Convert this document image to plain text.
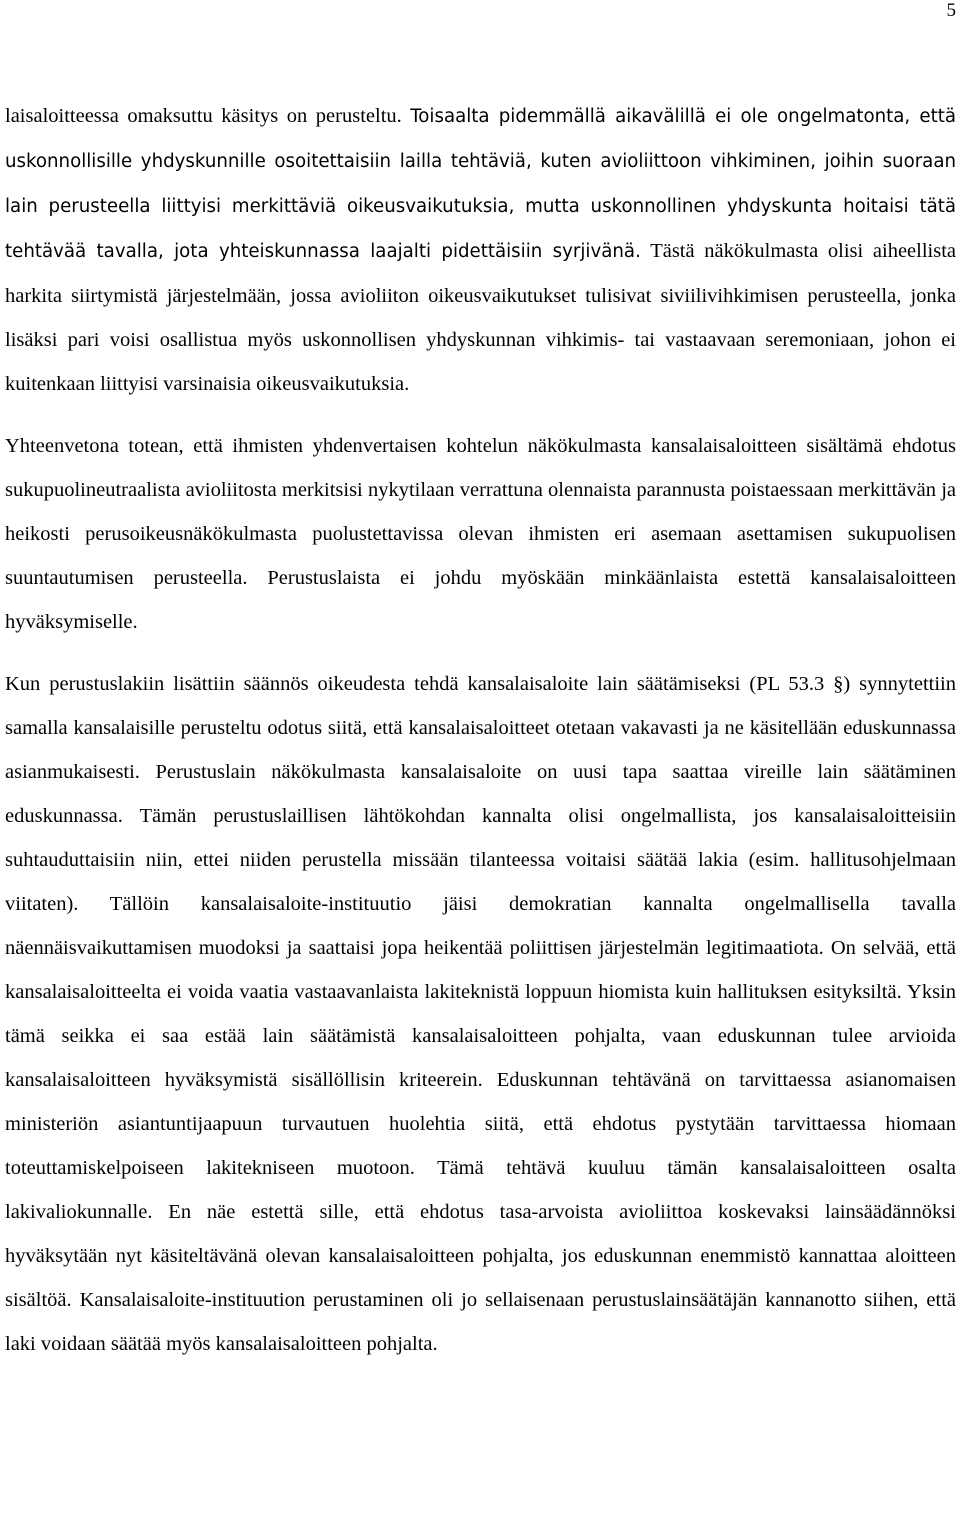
5

laisaloitteessa omaksuttu käsitys on perusteltu. Toisaalta pidemmällä aikavälillä ei ole ongelmatonta, että uskonnollisille yhdyskunnille osoitettaisiin lailla tehtäviä, kuten avioliittoon vihkiminen, joihin suoraan lain perusteella liittyisi merkittäviä oikeusvaikutuksia, mutta uskonnollinen yhdyskunta hoitaisi tätä tehtävää tavalla, jota yhteiskunnassa laajalti pidettäisiin syrjivänä. Tästä näkökulmasta olisi aiheellista harkita siirtymistä järjestelmään, jossa avioliiton oikeusvaikutukset tulisivat siviilivihkimisen perusteella, jonka lisäksi pari voisi osallistua myös uskonnollisen yhdyskunnan vihkimis- tai vastaavaan seremoniaan, johon ei kuitenkaan liittyisi varsinaisia oikeusvaikutuksia.

Yhteenvetona totean, että ihmisten yhdenvertaisen kohtelun näkökulmasta kansalaisaloitteen sisältämä ehdotus sukupuolineutraalista avioliitosta merkitsisi nykytilaan verrattuna olennaista parannusta poistaessaan merkittävän ja heikosti perusoikeusnäkökulmasta puolustettavissa olevan ihmisten eri asemaan asettamisen sukupuolisen suuntautumisen perusteella. Perustuslaista ei johdu myöskään minkäänlaista estettä kansalaisaloitteen hyväksymiselle.

Kun perustuslakiin lisättiin säännös oikeudesta tehdä kansalaisaloite lain säätämiseksi (PL 53.3 §) synnytettiin samalla kansalaisille perusteltu odotus siitä, että kansalaisaloitteet otetaan vakavasti ja ne käsitellään eduskunnassa asianmukaisesti. Perustuslain näkökulmasta kansalaisaloite on uusi tapa saattaa vireille lain säätäminen eduskunnassa. Tämän perustuslaillisen lähtökohdan kannalta olisi ongelmallista, jos kansalaisaloitteisiin suhtauduttaisiin niin, ettei niiden perustella missään tilanteessa voitaisi säätää lakia (esim. hallitusohjelmaan viitaten). Tällöin kansalaisaloite-instituutio jäisi demokratian kannalta ongelmallisella tavalla näennäisvaikuttamisen muodoksi ja saattaisi jopa heikentää poliittisen järjestelmän legitimaatiota. On selvää, että kansalaisaloitteelta ei voida vaatia vastaavanlaista lakiteknistä loppuun hiomista kuin hallituksen esityksiltä. Yksin tämä seikka ei saa estää lain säätämistä kansalaisaloitteen pohjalta, vaan eduskunnan tulee arvioida kansalaisaloitteen hyväksymistä sisällöllisin kriteerein. Eduskunnan tehtävänä on tarvittaessa asianomaisen ministeriön asiantuntijaapuun turvautuen huolehtia siitä, että ehdotus pystytään tarvittaessa hiomaan toteuttamiskelpoiseen lakitekniseen muotoon. Tämä tehtävä kuuluu tämän kansalaisaloitteen osalta lakivaliokunnalle. En näe estettä sille, että ehdotus tasa-arvoista avioliittoa koskevaksi lainsäädännöksi hyväksytään nyt käsiteltävänä olevan kansalaisaloitteen pohjalta, jos eduskunnan enemmistö kannattaa aloitteen sisältöä. Kansalaisaloite-instituution perustaminen oli jo sellaisenaan perustuslainsäätäjän kannanotto siihen, että laki voidaan säätää myös kansalaisaloitteen pohjalta.
